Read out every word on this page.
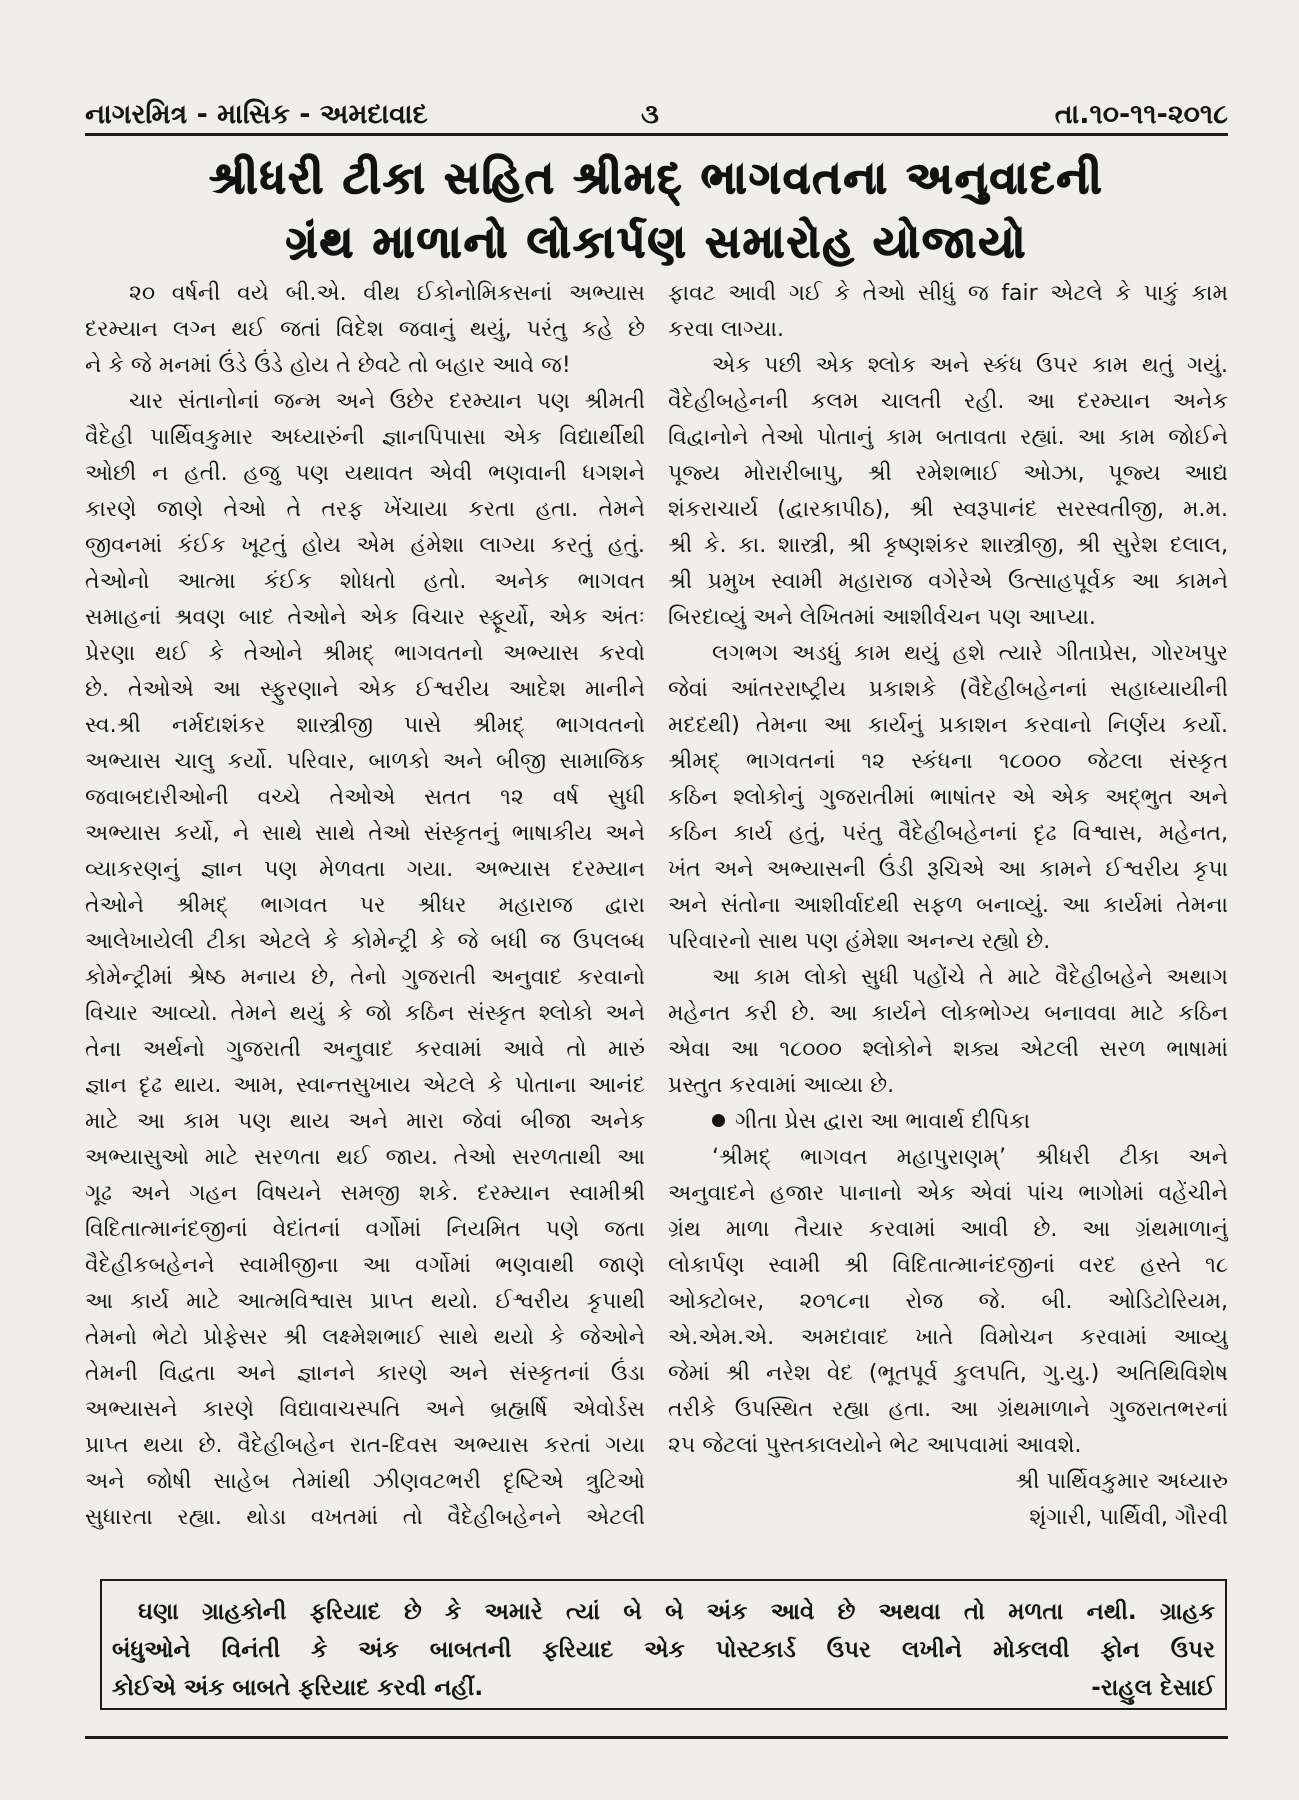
નાગરમિત્ર - માસિક - અમદાવાદ	૩	તા.૧૦-૧૧-૨૦૧૮
શ્રીધરી ટીકા સહિત શ્રીમદ્ ભાગવતના અનુવાદની
ગ્રંથ માળાનો લોકાર્પણ સમારોહ યોજાયો
૨૦ વર્ષની વયે બી.એ. વીથ ઈકોનોમિકસનાં અભ્યાસ
દરમ્યાન લગ્ન થઈ જતાં વિદેશ જવાનું થયું, પરંતુ કહે છે
ને કે જે મનમાં ઉંડે ઉંડે હોય તે છેવટે તો બહાર આવે જ!
ચાર સંતાનોનાં જન્મ અને ઉછેર દરમ્યાન પણ શ્રીમતી
વૈદેહી પાર્થિવકુમાર અધ્યારુંની જ્ઞાનપિપાસા એક વિદ્યાર્થીથી
ઓછી ન હતી. હજુ પણ યથાવત એવી ભણવાની ધગશને
કારણે જાણે તેઓ તે તરફ ખેંચાયા કરતા હતા. તેમને
જીવનમાં કંઈક ખૂટતું હોય એમ હંમેશા લાગ્યા કરતું હતું.
તેઓનો આત્મા કંઈક શોધતો હતો. અનેક ભાગવત
સમાહનાં શ્રવણ બાદ તેઓને એક વિચાર સ્ફૂર્યો, એક અંતઃ
પ્રેરણા થઈ કે તેઓને શ્રીમદ્ ભાગવતનો અભ્યાસ કરવો
છે. તેઓએ આ સ્ફુરણાને એક ઈશ્વરીય આદેશ માનીને
સ્વ.શ્રી નર્મદાશંકર શાસ્ત્રીજી પાસે શ્રીમદ્ ભાગવતનો
અભ્યાસ ચાલુ કર્યો. પરિવાર, બાળકો અને બીજી સામાજિક
જવાબદારીઓની વચ્ચે તેઓએ સતત ૧૨ વર્ષ સુધી
અભ્યાસ કર્યો, ને સાથે સાથે તેઓ સંસ્કૃતનું ભાષાકીય અને
વ્યાકરણનું જ્ઞાન પણ મેળવતા ગયા. અભ્યાસ દરમ્યાન
તેઓને શ્રીમદ્ ભાગવત પર શ્રીધર મહારાજ દ્વારા
આલેખાયેલી ટીકા એટલે કે કોમેન્ટ્રી કે જે બધી જ ઉપલબ્ધ
કોમેન્ટ્રીમાં શ્રેષ્ઠ મનાય છે, તેનો ગુજરાતી અનુવાદ કરવાનો
વિચાર આવ્યો. તેમને થયું કે જો કઠિન સંસ્કૃત શ્લોકો અને
તેના અર્થનો ગુજરાતી અનુવાદ કરવામાં આવે તો મારું
જ્ઞાન દૃઢ થાય. આમ, સ્વાન્તસુખાય એટલે કે પોતાના આનંદ
માટે આ કામ પણ થાય અને મારા જેવાં બીજા અનેક
અભ્યાસુઓ માટે સરળતા થઈ જાય. તેઓ સરળતાથી આ
ગૂઢ અને ગહન વિષયને સમજી શકે. દરમ્યાન સ્વામીશ્રી
વિદિતાત્માનંદજીનાં વેદાંતનાં વર્ગોમાં નિયમિત પણે જતા
વૈદેહીકબહેનને સ્વામીજીના આ વર્ગોમાં ભણવાથી જાણે
આ કાર્ય માટે આત્મવિશ્વાસ પ્રાપ્ત થયો. ઈશ્વરીય કૃપાથી
તેમનો ભેટો પ્રોફેસર શ્રી લક્ષ્મેશભાઈ સાથે થયો કે જેઓને
તેમની વિદ્વતા અને જ્ઞાનને કારણે અને સંસ્કૃતનાં ઉંડા
અભ્યાસને કારણે વિદ્યાવાચસ્પતિ અને બ્રહ્મર્ષિ એવોર્ડસ
પ્રાપ્ત થયા છે. વૈદેહીબહેન રાત-દિવસ અભ્યાસ કરતાં ગયા
અને જોષી સાહેબ તેમાંથી ઝીણવટભરી દૃષ્ટિએ ત્રુટિઓ
સુધારતા રહ્યા. થોડા વખતમાં તો વૈદેહીબહેનને એટલી
ફાવટ આવી ગઈ કે તેઓ સીધું જ fair એટલે કે પાકું કામ
કરવા લાગ્યા.
એક પછી એક શ્લોક અને સ્કંધ ઉપર કામ થતું ગયું.
વૈદેહીબહેનની કલમ ચાલતી રહી. આ દરમ્યાન અનેક
વિદ્વાનોને તેઓ પોતાનું કામ બતાવતા રહ્યાં. આ કામ જોઈને
પૂજ્ય મોરારીબાપુ, શ્રી રમેશભાઈ ઓઝા, પૂજ્ય આદ્ય
શંકરાચાર્ય (દ્વારકાપીઠ), શ્રી સ્વરૂપાનંદ સરસ્વતીજી, મ.મ.
શ્રી કે. કા. શાસ્ત્રી, શ્રી કૃષ્ણશંકર શાસ્ત્રીજી, શ્રી સુરેશ દલાલ,
શ્રી પ્રમુખ સ્વામી મહારાજ વગેરેએ ઉત્સાહપૂર્વક આ કામને
બિરદાવ્યું અને લેખિતમાં આશીર્વચન પણ આપ્યા.
લગભગ અડધું કામ થયું હશે ત્યારે ગીતાપ્રેસ, ગોરખપુર
જેવાં આંતરરાષ્ટ્રીય પ્રકાશકે (વૈદેહીબહેનનાં સહાધ્યાયીની
મદદથી) તેમના આ કાર્યનું પ્રકાશન કરવાનો નિર્ણય કર્યો.
શ્રીમદ્ ભાગવતનાં ૧૨ સ્કંધના ૧૮૦૦૦ જેટલા સંસ્કૃત
કઠિન શ્લોકોનું ગુજરાતીમાં ભાષાંતર એ એક અદ્ભુત અને
કઠિન કાર્ય હતું, પરંતુ વૈદેહીબહેનનાં દૃઢ વિશ્વાસ, મહેનત,
ખંત અને અભ્યાસની ઉંડી રૂચિએ આ કામને ઈશ્વરીય કૃપા
અને સંતોના આશીર્વાદથી સફળ બનાવ્યું. આ કાર્યમાં તેમના
પરિવારનો સાથ પણ હંમેશા અનન્ય રહ્યો છે.
આ કામ લોકો સુધી પહોંચે તે માટે વૈદેહીબહેને અથાગ
મહેનત કરી છે. આ કાર્યને લોકભોગ્ય બનાવવા માટે કઠિન
એવા આ ૧૮૦૦૦ શ્લોકોને શક્ય એટલી સરળ ભાષામાં
પ્રસ્તુત કરવામાં આવ્યા છે.
ગીતા પ્રેસ દ્વારા આ ભાવાર્થ દીપિકા
‘શ્રીમદ્ ભાગવત મહાપુરાણમ્’ શ્રીધરી ટીકા અને
અનુવાદને હજાર પાનાનો એક એવાં પાંચ ભાગોમાં વહેંચીને
ગ્રંથ માળા તૈયાર કરવામાં આવી છે. આ ગ્રંથમાળાનું
લોકાર્પણ સ્વામી શ્રી વિદિતાત્માનંદજીનાં વરદ હસ્તે ૧૮
ઓક્ટોબર, ૨૦૧૮ના રોજ જે. બી. ઓડિટોરિયમ,
એ.એમ.એ. અમદાવાદ ખાતે વિમોચન કરવામાં આવ્યુ
જેમાં શ્રી નરેશ વેદ (ભૂતપૂર્વ કુલપતિ, ગુ.યુ.) અતિથિવિશેષ
તરીકે ઉપસ્થિત રહ્યા હતા. આ ગ્રંથમાળાને ગુજરાતભરનાં
૨૫ જેટલાં પુસ્તકાલયોને ભેટ આપવામાં આવશે.
શ્રી પાર્થિવકુમાર અધ્યારુ
શૃંગારી, પાર્થિવી, ગૌરવી
ઘણા ગ્રાહકોની ફરિયાદ છે કે અમારે ત્યાં બે બે અંક આવે છે અથવા તો મળતા નથી. ગ્રાહક
બંધુઓને વિનંતી કે અંક બાબતની ફરિયાદ એક પોસ્ટકાર્ડ ઉપર લખીને મોકલવી ફોન ઉપર
કોઈએ અંક બાબતે ફરિયાદ કરવી નહીં.	-રાહુલ દેસાઈ
